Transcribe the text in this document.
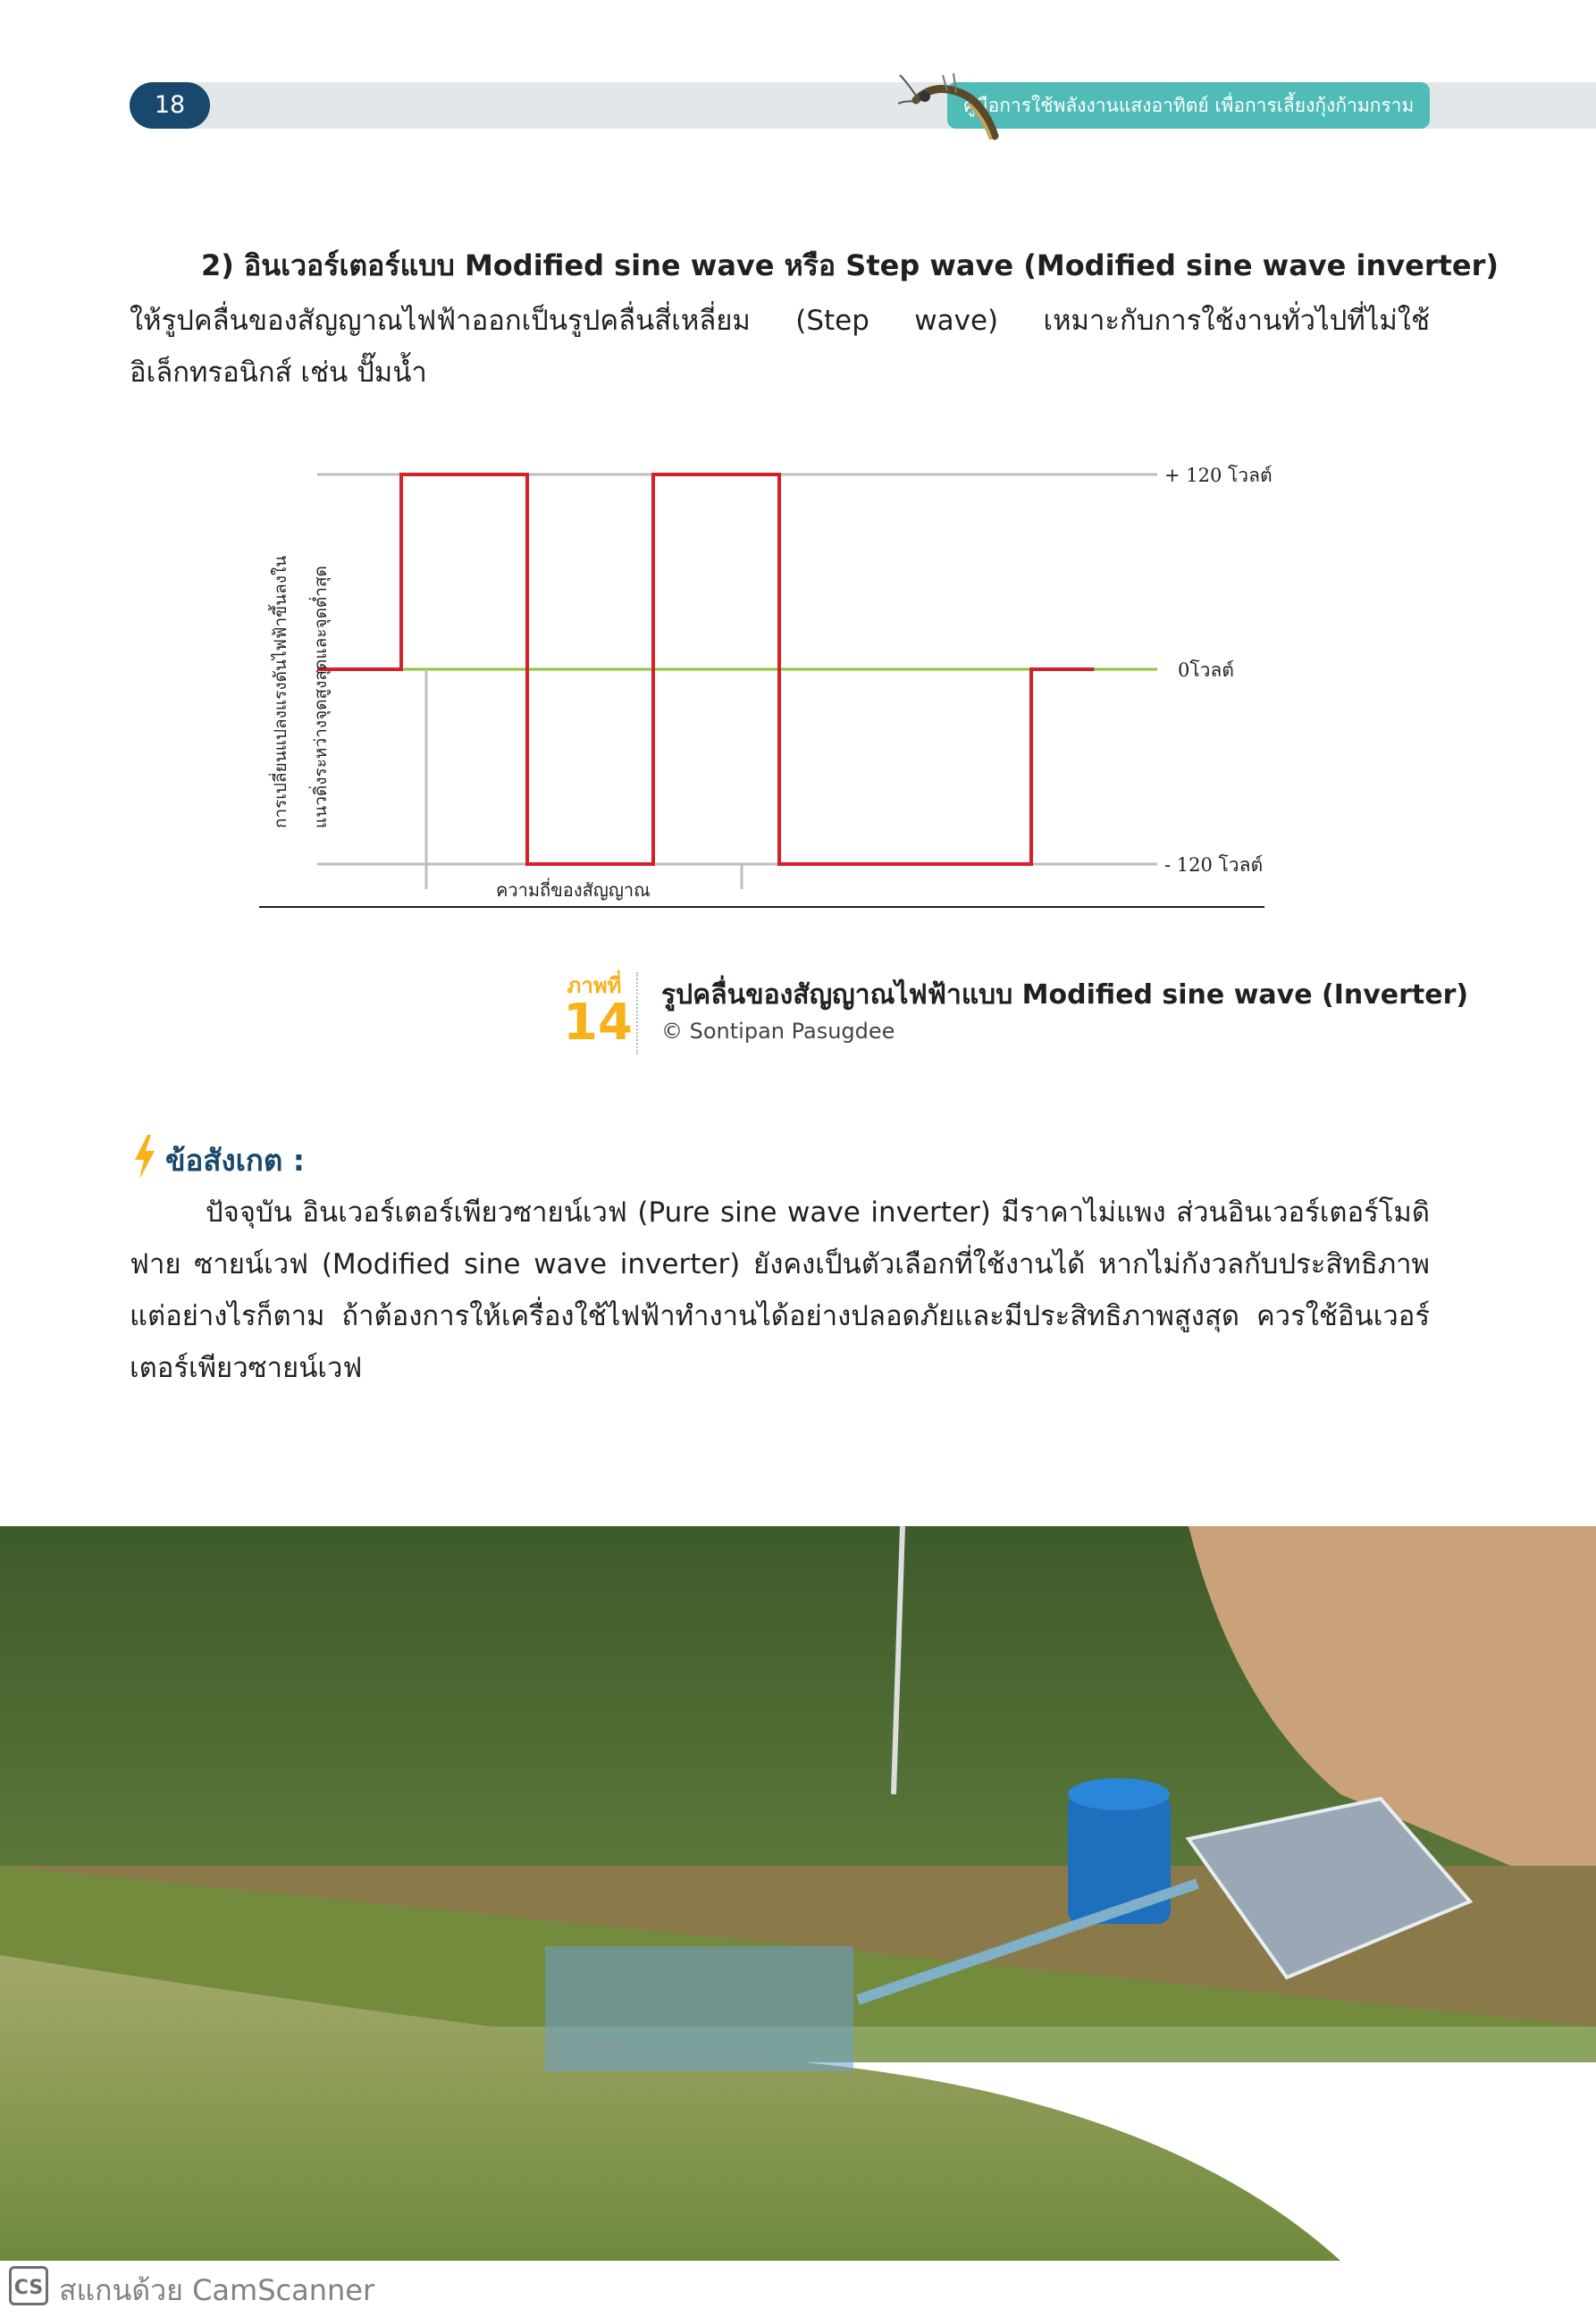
18	คู่มือการใช้พลังงานแสงอาทิตย์ เพื่อการเลี้ยงกุ้งก้ามกราม
2) อินเวอร์เตอร์แบบ Modified sine wave หรือ Step wave (Modified sine wave inverter)
ให้รูปคลื่นของสัญญาณไฟฟ้าออกเป็นรูปคลื่นสี่เหลี่ยม (Step wave) เหมาะกับการใช้งานทั่วไปที่ไม่ใช้อิเล็กทรอนิกส์ เช่น ปั๊มน้ำ
+ 120 โวลต์
0โวลต์
- 120 โวลต์
ความถี่ของสัญญาณ
การเปลี่ยนแปลงแรงดันไฟฟ้าขึ้นลงใน แนวดิ่งระหว่างจุดสูงสุดและจุดต่ำสุด
ภาพที่
14 รูปคลื่นของสัญญาณไฟฟ้าแบบ Modified sine wave (Inverter)
© Sontipan Pasugdee
ข้อสังเกต :
ปัจจุบัน อินเวอร์เตอร์เพียวซายน์เวฟ (Pure sine wave inverter) มีราคาไม่แพง ส่วนอินเวอร์เตอร์โมดิฟาย ซายน์เวฟ (Modified sine wave inverter) ยังคงเป็นตัวเลือกที่ใช้งานได้ หากไม่กังวลกับประสิทธิภาพ แต่อย่างไรก็ตาม ถ้าต้องการให้เครื่องใช้ไฟฟ้าทำงานได้อย่างปลอดภัยและมีประสิทธิภาพสูงสุด ควรใช้อินเวอร์เตอร์เพียวซายน์เวฟ
CS สแกนด้วย CamScanner
